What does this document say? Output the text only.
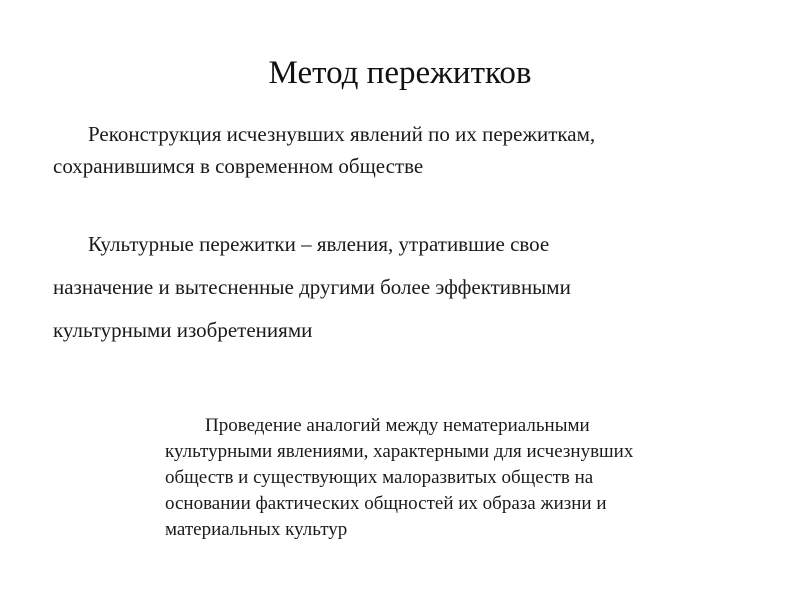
Метод пережитков

Реконструкция исчезнувших явлений по их пережиткам,
сохранившимся в современном обществе

Культурные пережитки – явления, утратившие свое
назначение и вытесненные другими более эффективными
культурными изобретениями

Проведение аналогий между нематериальными
культурными явлениями, характерными для исчезнувших
обществ и существующих малоразвитых обществ на
основании фактических общностей их образа жизни и
материальных культур
